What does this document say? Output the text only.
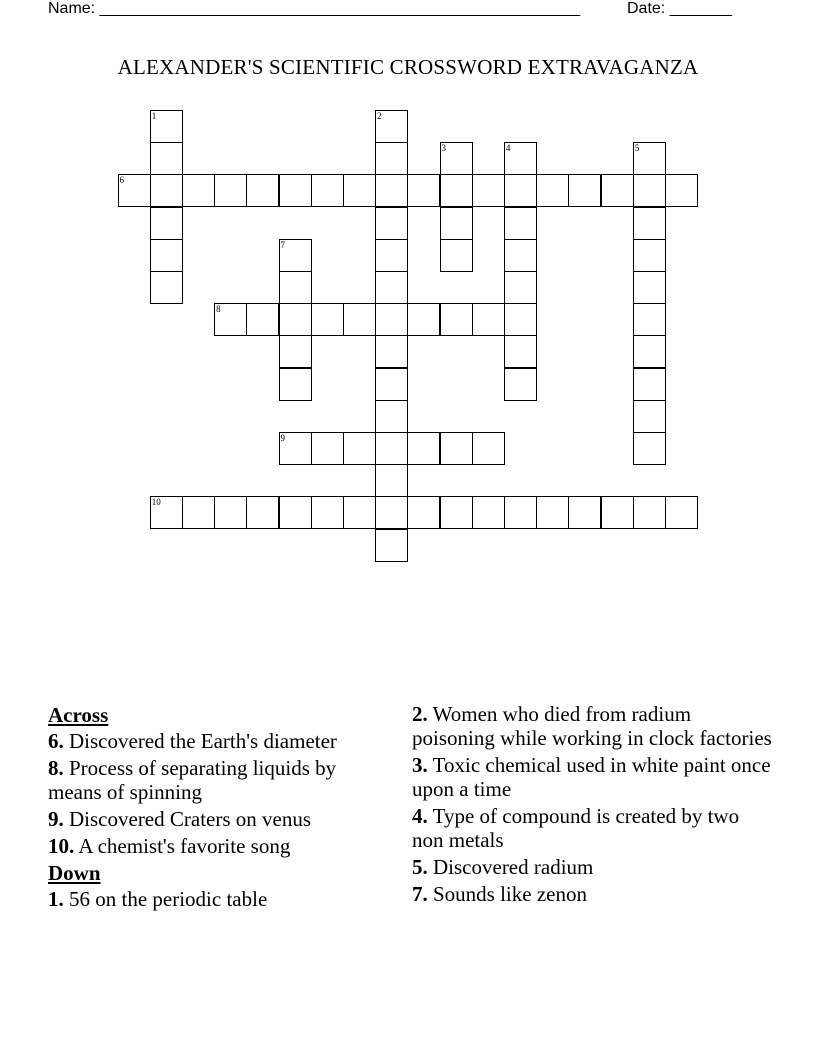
Name: ______________________________________________________	Date: _______
ALEXANDER'S SCIENTIFIC CROSSWORD EXTRAVAGANZA
1	2
3	4	5
6
7
8
9
10
Across
6. Discovered the Earth's diameter
8. Process of separating liquids by means of spinning
9. Discovered Craters on venus
10. A chemist's favorite song
Down
1. 56 on the periodic table
2. Women who died from radium poisoning while working in clock factories
3. Toxic chemical used in white paint once upon a time
4. Type of compound is created by two non metals
5. Discovered radium
7. Sounds like zenon
